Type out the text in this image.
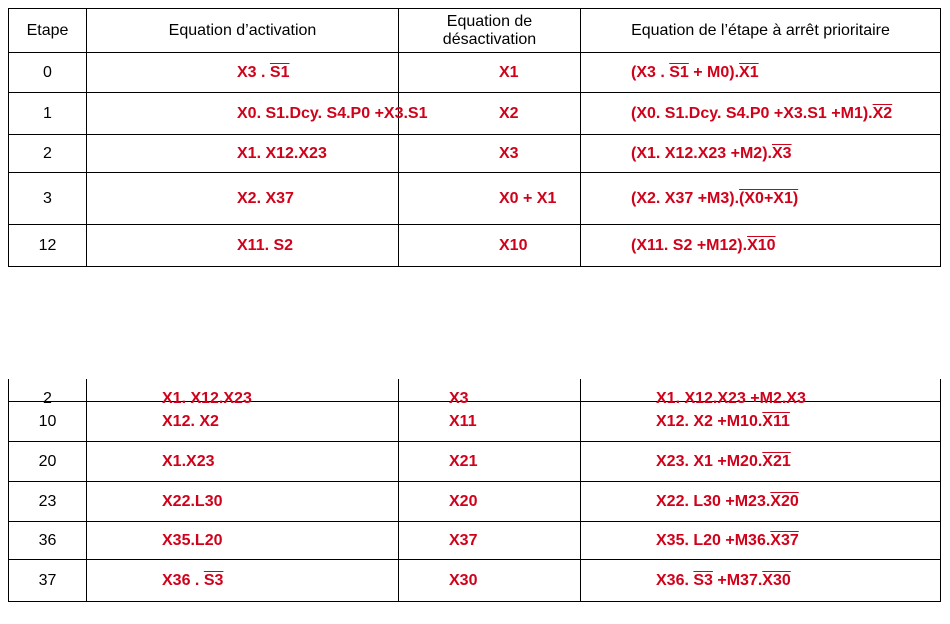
Etape	Equation d’activation	Equation de désactivation	Equation de l’étape à arrêt prioritaire
0	X3 . S1	X1	(X3 . S1 + M0).X1
1	X0. S1.Dcy. S4.P0 +X3.S1	X2	(X0. S1.Dcy. S4.P0 +X3.S1 +M1).X2
2	X1. X12.X23	X3	(X1. X12.X23 +M2).X3
3	X2. X37	X0 + X1	(X2. X37 +M3).(X0+X1)
12	X11. S2	X10	(X11. S2 +M12).X10
2	X1. X12.X23	X3	X1. X12.X23 +M2.X3

10	X12. X2	X11	X12. X2 +M10.X11
20	X1.X23	X21	X23. X1 +M20.X21
23	X22.L30	X20	X22. L30 +M23.X20
36	X35.L20	X37	X35. L20 +M36.X37
37	X36 . S3	X30	X36. S3 +M37.X30
